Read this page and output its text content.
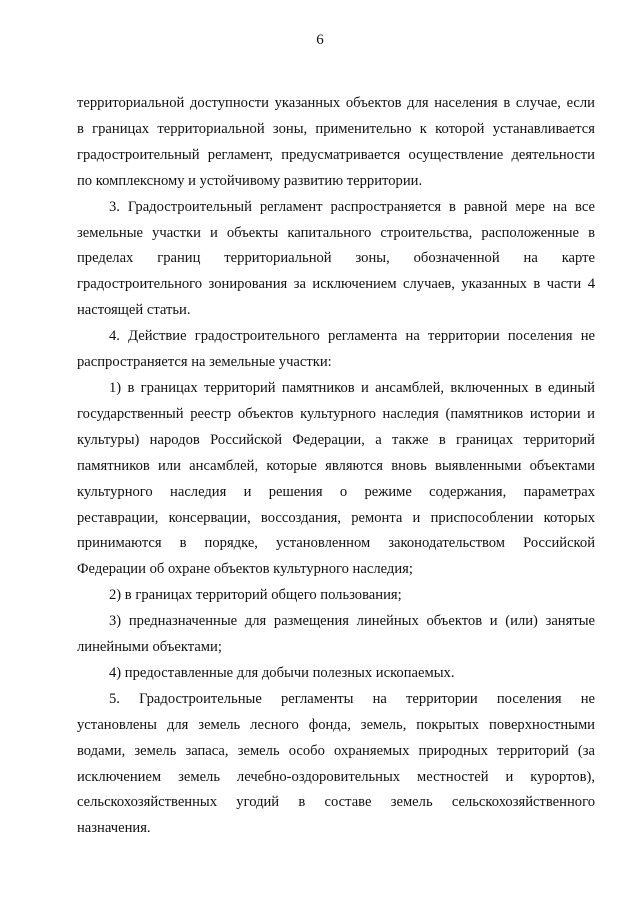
6

территориальной доступности указанных объектов для населения в случае, если
в границах территориальной зоны, применительно к которой устанавливается
градостроительный регламент, предусматривается осуществление деятельности
по комплексному и устойчивому развитию территории.

3. Градостроительный регламент распространяется в равной мере на все
земельные участки и объекты капитального строительства, расположенные в
пределах границ территориальной зоны, обозначенной на карте
градостроительного зонирования за исключением случаев, указанных в части 4
настоящей статьи.

4. Действие градостроительного регламента на территории поселения не
распространяется на земельные участки:

1) в границах территорий памятников и ансамблей, включенных в единый
государственный реестр объектов культурного наследия (памятников истории и
культуры) народов Российской Федерации, а также в границах территорий
памятников или ансамблей, которые являются вновь выявленными объектами
культурного наследия и решения о режиме содержания, параметрах
реставрации, консервации, воссоздания, ремонта и приспособлении которых
принимаются в порядке, установленном законодательством Российской
Федерации об охране объектов культурного наследия;

2) в границах территорий общего пользования;

3) предназначенные для размещения линейных объектов и (или) занятые
линейными объектами;

4) предоставленные для добычи полезных ископаемых.

5. Градостроительные регламенты на территории поселения не
установлены для земель лесного фонда, земель, покрытых поверхностными
водами, земель запаса, земель особо охраняемых природных территорий (за
исключением земель лечебно-оздоровительных местностей и курортов),
сельскохозяйственных угодий в составе земель сельскохозяйственного
назначения.
